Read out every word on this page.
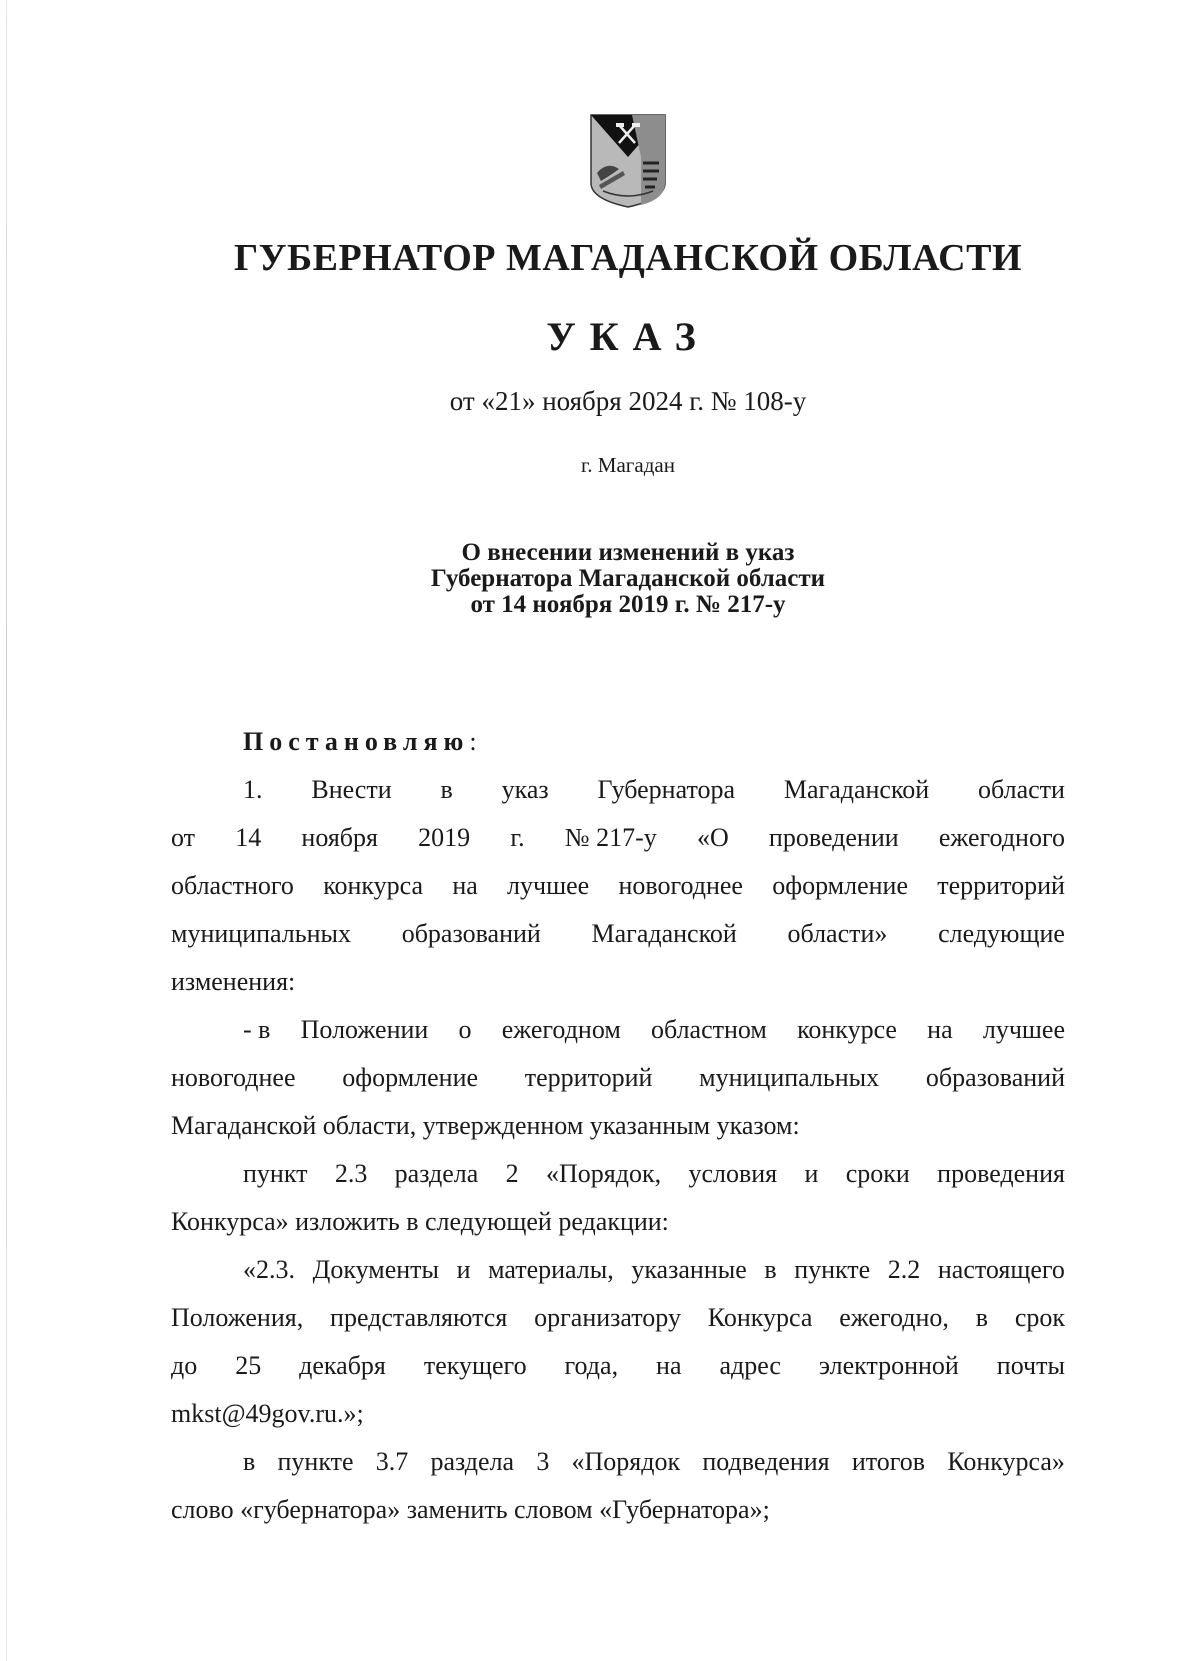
ГУБЕРНАТОР МАГАДАНСКОЙ ОБЛАСТИ
УКАЗ
от «21» ноября 2024 г. № 108-у
г. Магадан
О внесении изменений в указ
Губернатора Магаданской области
от 14 ноября 2019 г. № 217-у
Постановляю:
1. Внести в указ Губернатора Магаданской области
от 14 ноября 2019 г. № 217-у «О проведении ежегодного
областного конкурса на лучшее новогоднее оформление территорий
муниципальных образований Магаданской области» следующие
изменения:
- в Положении о ежегодном областном конкурсе на лучшее
новогоднее оформление территорий муниципальных образований
Магаданской области, утвержденном указанным указом:
пункт 2.3 раздела 2 «Порядок, условия и сроки проведения
Конкурса» изложить в следующей редакции:
«2.3. Документы и материалы, указанные в пункте 2.2 настоящего
Положения, представляются организатору Конкурса ежегодно, в срок
до 25 декабря текущего года, на адрес электронной почты
mkst@49gov.ru.»;
в пункте 3.7 раздела 3 «Порядок подведения итогов Конкурса»
слово «губернатора» заменить словом «Губернатора»;
